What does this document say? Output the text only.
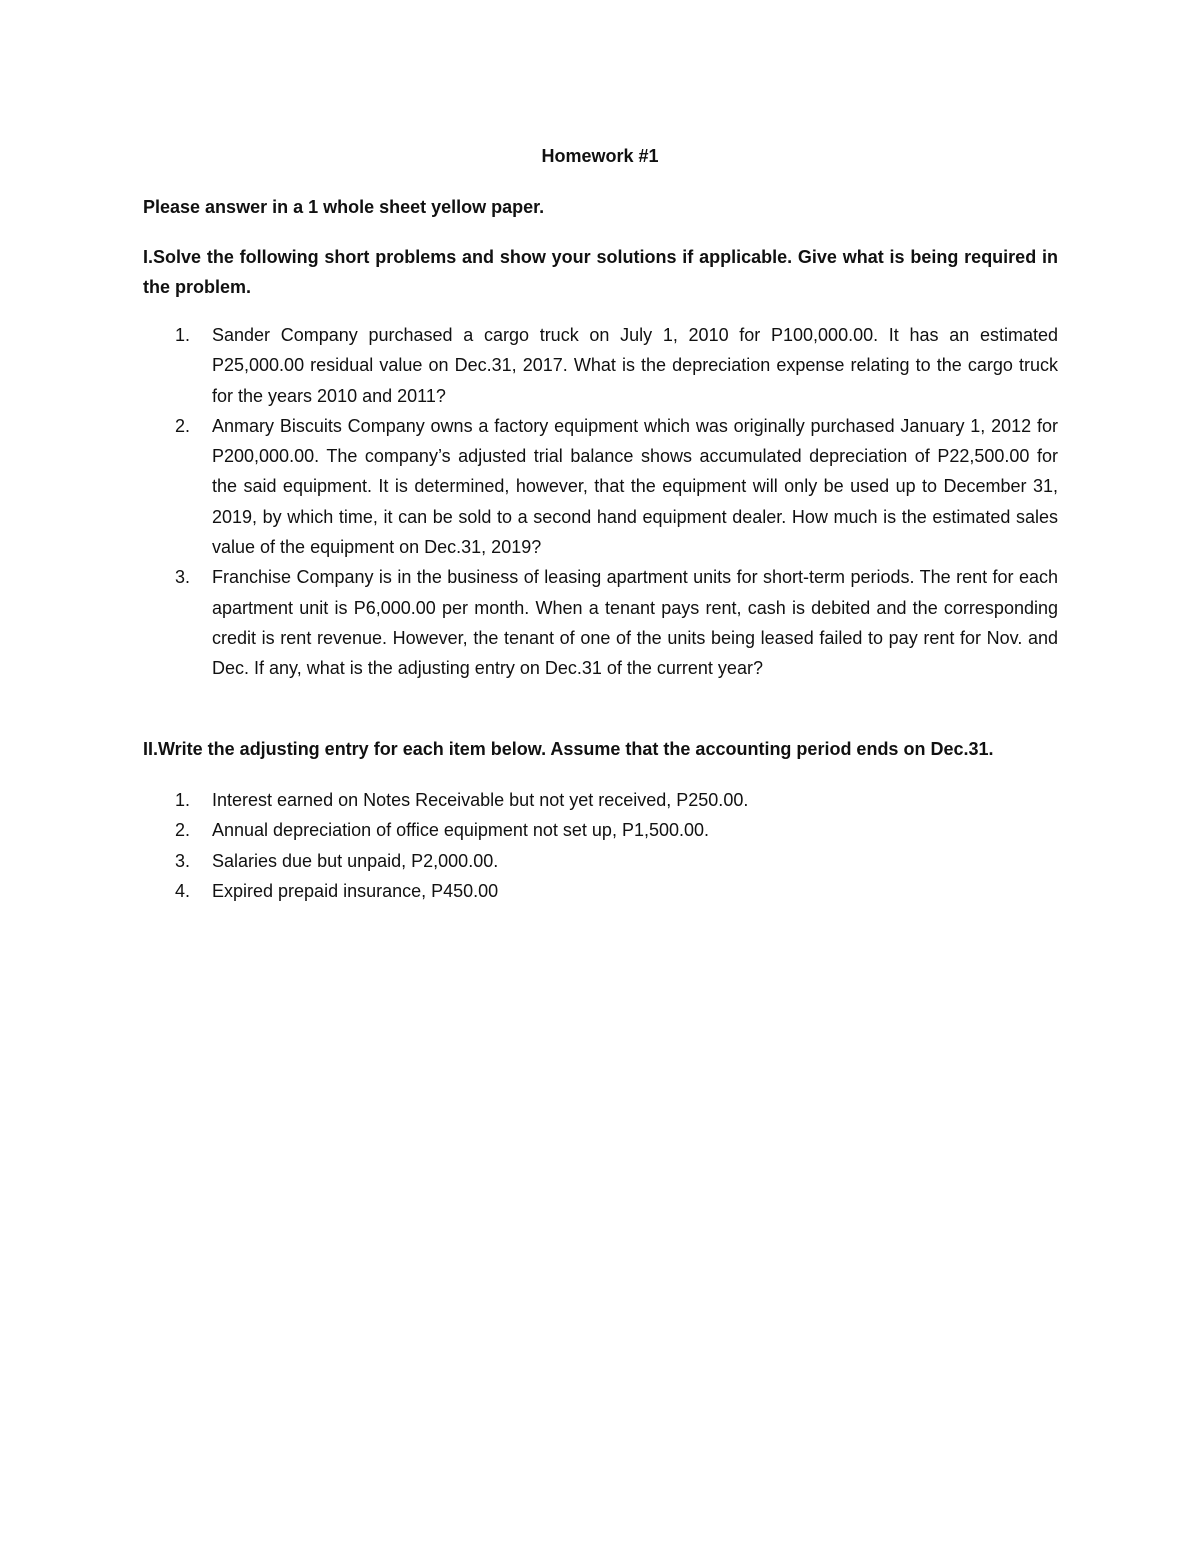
Homework #1
Please answer in a 1 whole sheet yellow paper.
I.Solve the following short problems and show your solutions if applicable. Give what is being required in the problem.
1. Sander Company purchased a cargo truck on July 1, 2010 for P100,000.00. It has an estimated P25,000.00 residual value on Dec.31, 2017. What is the depreciation expense relating to the cargo truck for the years 2010 and 2011?
2. Anmary Biscuits Company owns a factory equipment which was originally purchased January 1, 2012 for P200,000.00. The company’s adjusted trial balance shows accumulated depreciation of P22,500.00 for the said equipment. It is determined, however, that the equipment will only be used up to December 31, 2019, by which time, it can be sold to a second hand equipment dealer. How much is the estimated sales value of the equipment on Dec.31, 2019?
3. Franchise Company is in the business of leasing apartment units for short-term periods. The rent for each apartment unit is P6,000.00 per month. When a tenant pays rent, cash is debited and the corresponding credit is rent revenue. However, the tenant of one of the units being leased failed to pay rent for Nov. and Dec. If any, what is the adjusting entry on Dec.31 of the current year?
II.Write the adjusting entry for each item below. Assume that the accounting period ends on Dec.31.
1. Interest earned on Notes Receivable but not yet received, P250.00.
2. Annual depreciation of office equipment not set up, P1,500.00.
3. Salaries due but unpaid, P2,000.00.
4. Expired prepaid insurance, P450.00
